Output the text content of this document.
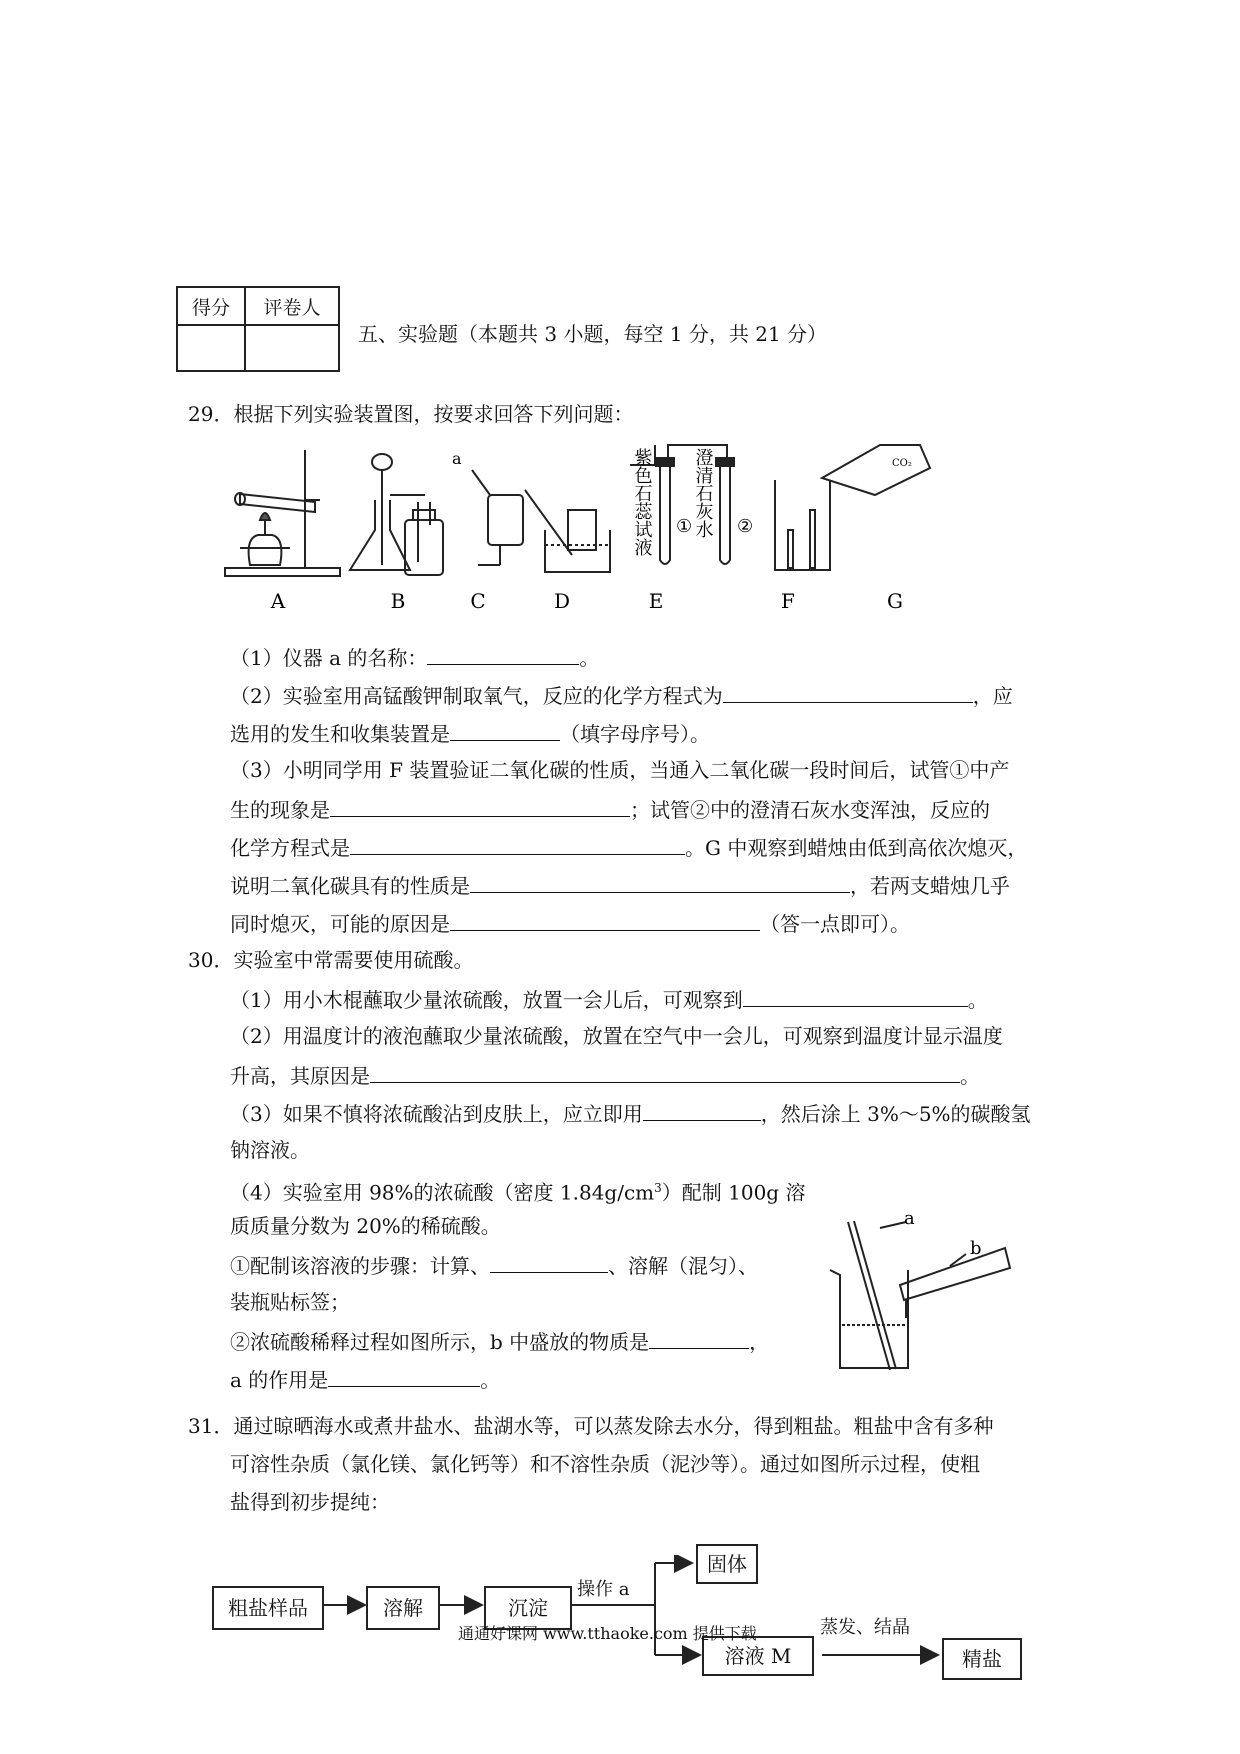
得分	评卷人

五、实验题（本题共 3 小题，每空 1 分，共 21 分）
29．根据下列实验装置图，按要求回答下列问题：
a	CO₂
紫色石蕊试液 ① 澄清石灰水 ②
A	B	C	D	E	F	G
（1）仪器 a 的名称：	。
（2）实验室用高锰酸钾制取氧气，反应的化学方程式为	，应
选用的发生和收集装置是	（填字母序号）。
（3）小明同学用 F 装置验证二氧化碳的性质，当通入二氧化碳一段时间后，试管①中产
生的现象是	；试管②中的澄清石灰水变浑浊，反应的
化学方程式是	。G 中观察到蜡烛由低到高依次熄灭，
说明二氧化碳具有的性质是	，若两支蜡烛几乎
同时熄灭，可能的原因是	（答一点即可）。
30．实验室中常需要使用硫酸。
（1）用小木棍蘸取少量浓硫酸，放置一会儿后，可观察到	。
（2）用温度计的液泡蘸取少量浓硫酸，放置在空气中一会儿，可观察到温度计显示温度
升高，其原因是	。
（3）如果不慎将浓硫酸沾到皮肤上，应立即用	，然后涂上 3%～5%的碳酸氢
钠溶液。
（4）实验室用 98%的浓硫酸（密度 $1.84g/cm^3$）配制 100g 溶
质质量分数为 20%的稀硫酸。
①配制该溶液的步骤：计算、	、溶解（混匀）、
装瓶贴标签；
②浓硫酸稀释过程如图所示，b 中盛放的物质是	，
a 的作用是	。
a
b
31．通过晾晒海水或煮井盐水、盐湖水等，可以蒸发除去水分，得到粗盐。粗盐中含有多种
可溶性杂质（氯化镁、氯化钙等）和不溶性杂质（泥沙等）。通过如图所示过程，使粗
盐得到初步提纯：
粗盐样品	溶解	沉淀
操作 a
固体
溶液 M
蒸发、结晶
精盐
通通好课网 www.tthaoke.com 提供下载
